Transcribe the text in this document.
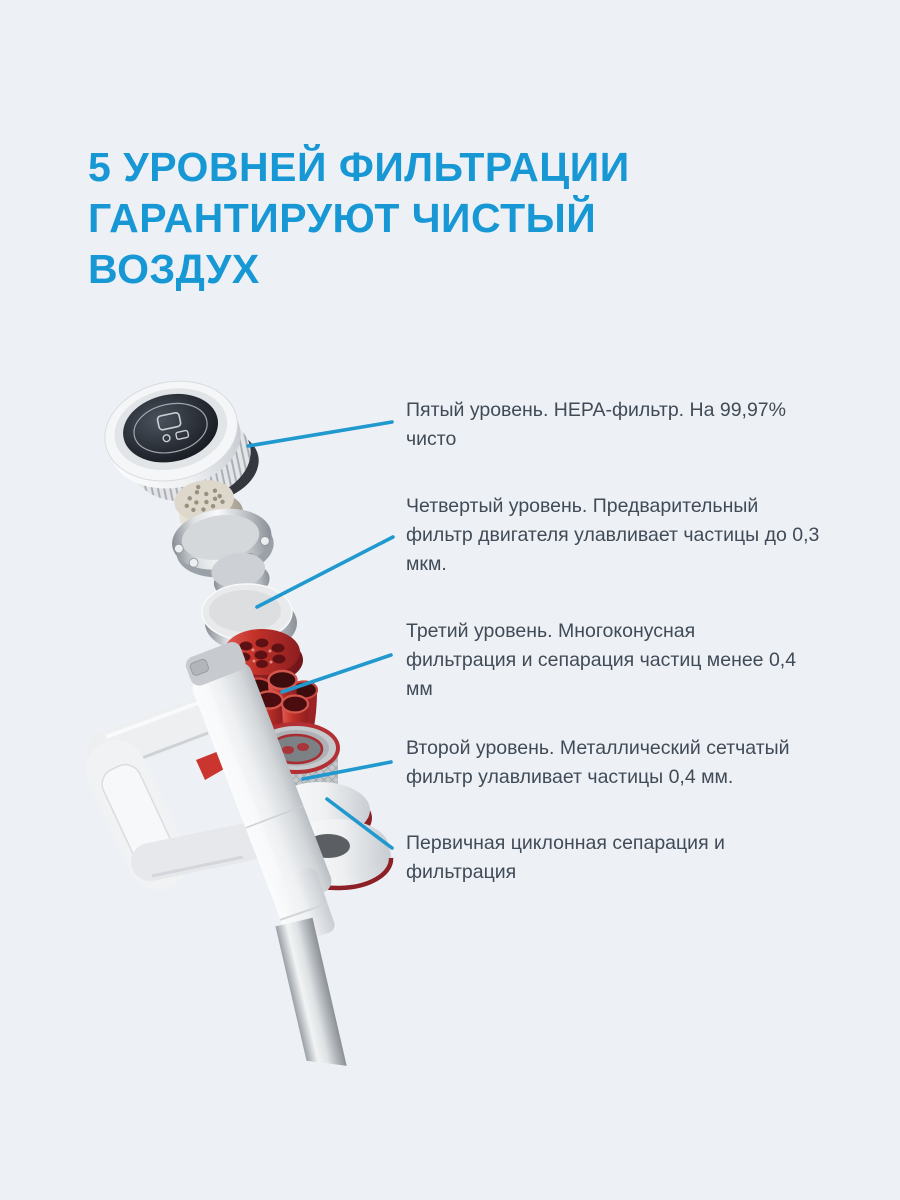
5 УРОВНЕЙ ФИЛЬТРАЦИИ
ГАРАНТИРУЮТ ЧИСТЫЙ
ВОЗДУХ
Пятый уровень. HEPA-фильтр. На 99,97%
чисто
Четвертый уровень. Предварительный
фильтр двигателя улавливает частицы до 0,3
мкм.
Третий уровень. Многоконусная
фильтрация и сепарация частиц менее 0,4
мм
Второй уровень. Металлический сетчатый
фильтр улавливает частицы 0,4 мм.
Первичная циклонная сепарация и
фильтрация
